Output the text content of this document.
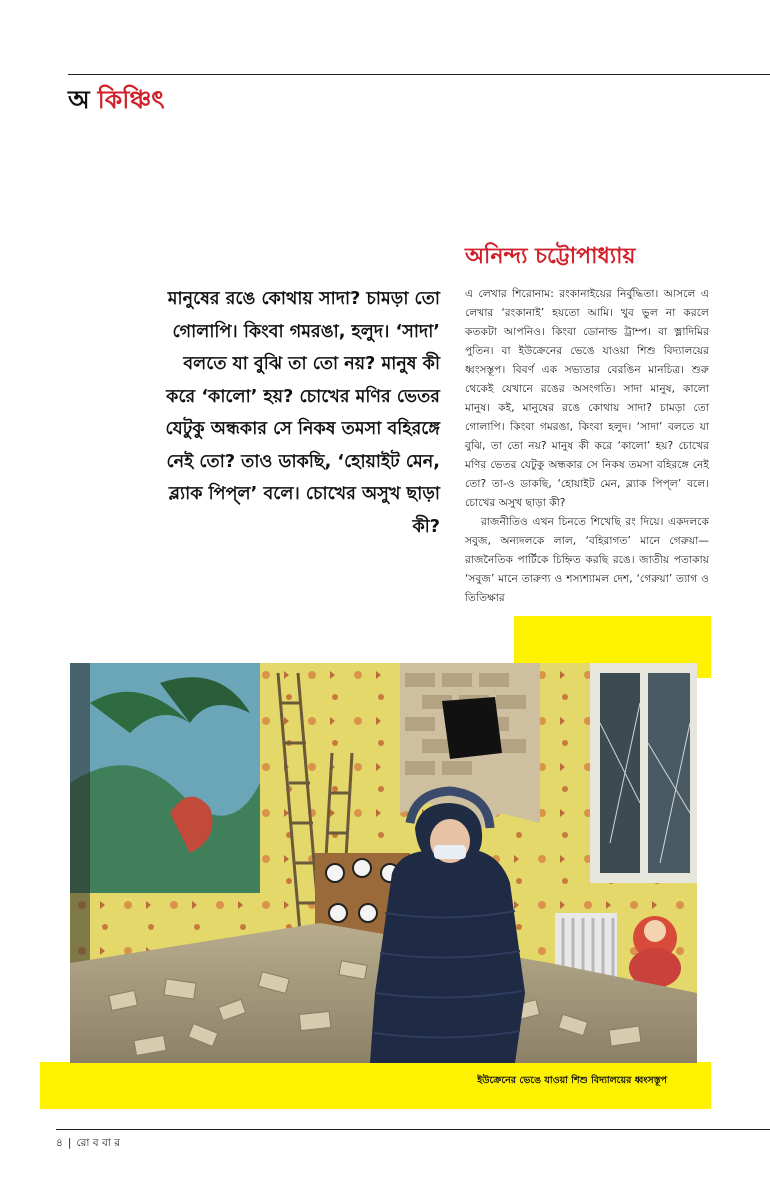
অ কিঞ্চিৎ
মানুষের রঙে কোথায় সাদা? চামড়া তো গোলাপি। কিংবা গমরঙা, হলুদ। ‘সাদা’ বলতে যা বুঝি তা তো নয়? মানুষ কী করে ‘কালো’ হয়? চোখের মণির ভেতর যেটুকু অন্ধকার সে নিকষ তমসা বহিরঙ্গে নেই তো? তাও ডাকছি, ‘হোয়াইট মেন, ব্ল্যাক পিপ্‌ল’ বলে। চোখের অসুখ ছাড়া কী?
অনিন্দ্য চট্টোপাধ্যায়

এ লেখার শিরোনাম: রংকানাইয়ের নির্বুদ্ধিতা। আসলে এ লেখার ‘রংকানাই’ হয়তো আমি। খুব ভুল না করলে কতকটা আপনিও। কিংবা ডোনাল্ড ট্রাম্প। বা ভ্লাদিমির পুতিন। বা ইউক্রেনের ভেঙে যাওয়া শিশু বিদ্যালয়ের ধ্বংসস্তূপ। বিবর্ণ এক সভ্যতার বেরঙিন মানচিত্র। শুরু থেকেই যেখানে রঙের অসংগতি। সাদা মানুষ, কালো মানুষ। কই, মানুষের রঙে কোথায় সাদা? চামড়া তো গোলাপি। কিংবা গমরঙা, কিংবা হলুদ। ‘সাদা’ বলতে যা বুঝি, তা তো নয়? মানুষ কী করে ‘কালো’ হয়? চোখের মণির ভেতর যেটুকু অন্ধকার সে নিকষ তমসা বহিরঙ্গে নেই তো? তা-ও ডাকছি, ‘হোয়াইট মেন, ব্ল্যাক পিপ্‌ল’ বলে। চোখের অসুখ ছাড়া কী?

রাজনীতিও এখন চিনতে শিখেছি রং দিয়ে। একদলকে সবুজ, অন্যদলকে লাল, ‘বহিরাগত’ মানে গেরুয়া— রাজনৈতিক পার্টিকে চিহ্নিত করছি রঙে। জাতীয় পতাকায় ‘সবুজ’ মানে তারুণ্য ও শস্যশ্যামল দেশ, ‘গেরুয়া’ ত্যাগ ও তিতিক্ষার

ইউক্রেনের ভেঙে যাওয়া শিশু বিদ্যালয়ের ধ্বংসস্তূপ
৪ | রো ব বা র
